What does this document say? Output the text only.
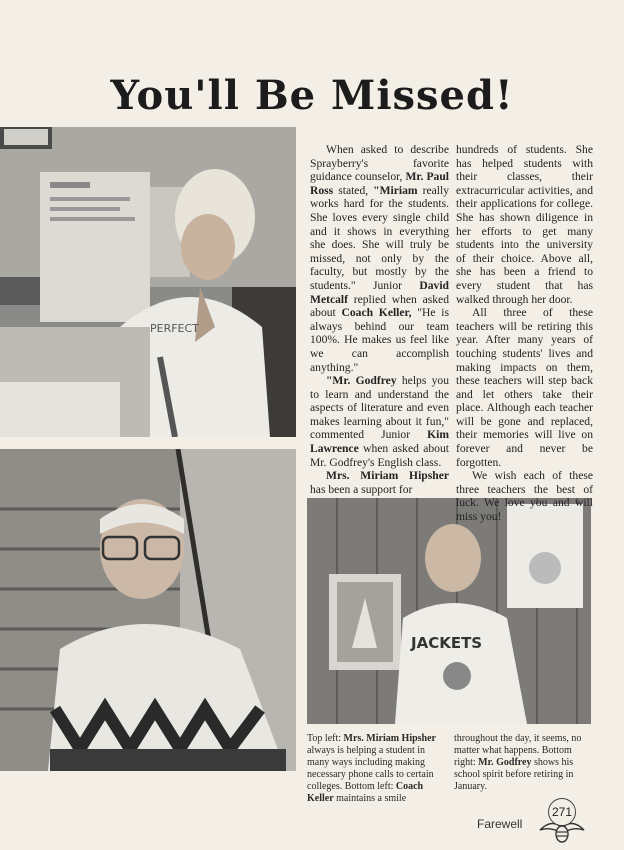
You'll Be Missed!
PERFECT
JACKETS

When asked to describe Sprayberry's favorite guidance counselor, Mr. Paul Ross stated, "Miriam really works hard for the students. She loves every single child and it shows in everything she does. She will truly be missed, not only by the faculty, but mostly by the students." Junior David Metcalf replied when asked about Coach Keller, "He is always behind our team 100%. He makes us feel like we can accomplish anything."

"Mr. Godfrey helps you to learn and understand the aspects of literature and even makes learning about it fun," commented Junior Kim Lawrence when asked about Mr. Godfrey's English class.

Mrs. Miriam Hipsher has been a support for

hundreds of students. She has helped students with their classes, their extracurricular activities, and their applications for college. She has shown diligence in her efforts to get many students into the university of their choice. Above all, she has been a friend to every student that has walked through her door.

All three of these teachers will be retiring this year. After many years of touching students' lives and making impacts on them, these teachers will step back and let others take their place. Although each teacher will be gone and replaced, their memories will live on forever and never be forgotten.

We wish each of these three teachers the best of luck. We love you and will miss you!

Top left: Mrs. Miriam Hipsher always is helping a student in many ways including making necessary phone calls to certain colleges. Bottom left: Coach Keller maintains a smile
throughout the day, it seems, no matter what happens. Bottom right: Mr. Godfrey shows his school spirit before retiring in January.
Farewell
271
